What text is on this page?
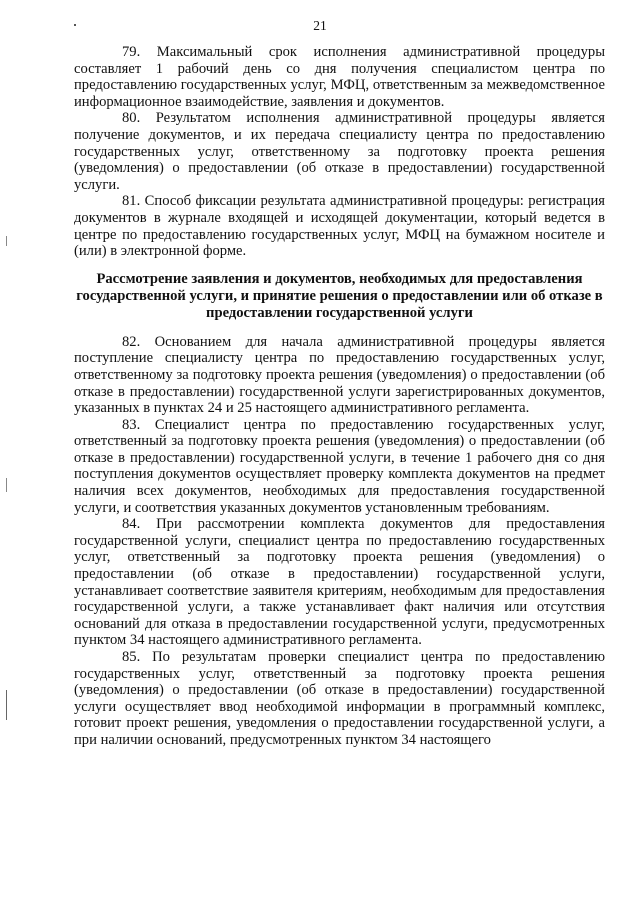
21

79. Максимальный срок исполнения административной процедуры составляет 1 рабочий день со дня получения специалистом центра по предоставлению государственных услуг, МФЦ, ответственным за межведомственное информационное взаимодействие, заявления и документов.

80. Результатом исполнения административной процедуры является получение документов, и их передача специалисту центра по предоставлению государственных услуг, ответственному за подготовку проекта решения (уведомления) о предоставлении (об отказе в предоставлении) государственной услуги.

81. Способ фиксации результата административной процедуры: регистрация документов в журнале входящей и исходящей документации, который ведется в центре по предоставлению государственных услуг, МФЦ на бумажном носителе и (или) в электронной форме.

Рассмотрение заявления и документов, необходимых для предоставления государственной услуги, и принятие решения о предоставлении или об отказе в предоставлении государственной услуги

82. Основанием для начала административной процедуры является поступление специалисту центра по предоставлению государственных услуг, ответственному за подготовку проекта решения (уведомления) о предоставлении (об отказе в предоставлении) государственной услуги зарегистрированных документов, указанных в пунктах 24 и 25 настоящего административного регламента.

83. Специалист центра по предоставлению государственных услуг, ответственный за подготовку проекта решения (уведомления) о предоставлении (об отказе в предоставлении) государственной услуги, в течение 1 рабочего дня со дня поступления документов осуществляет проверку комплекта документов на предмет наличия всех документов, необходимых для предоставления государственной услуги, и соответствия указанных документов установленным требованиям.

84. При рассмотрении комплекта документов для предоставления государственной услуги, специалист центра по предоставлению государственных услуг, ответственный за подготовку проекта решения (уведомления) о предоставлении (об отказе в предоставлении) государственной услуги, устанавливает соответствие заявителя критериям, необходимым для предоставления государственной услуги, а также устанавливает факт наличия или отсутствия оснований для отказа в предоставлении государственной услуги, предусмотренных пунктом 34 настоящего административного регламента.

85. По результатам проверки специалист центра по предоставлению государственных услуг, ответственный за подготовку проекта решения (уведомления) о предоставлении (об отказе в предоставлении) государственной услуги осуществляет ввод необходимой информации в программный комплекс, готовит проект решения, уведомления о предоставлении государственной услуги, а при наличии оснований, предусмотренных пунктом 34 настоящего
